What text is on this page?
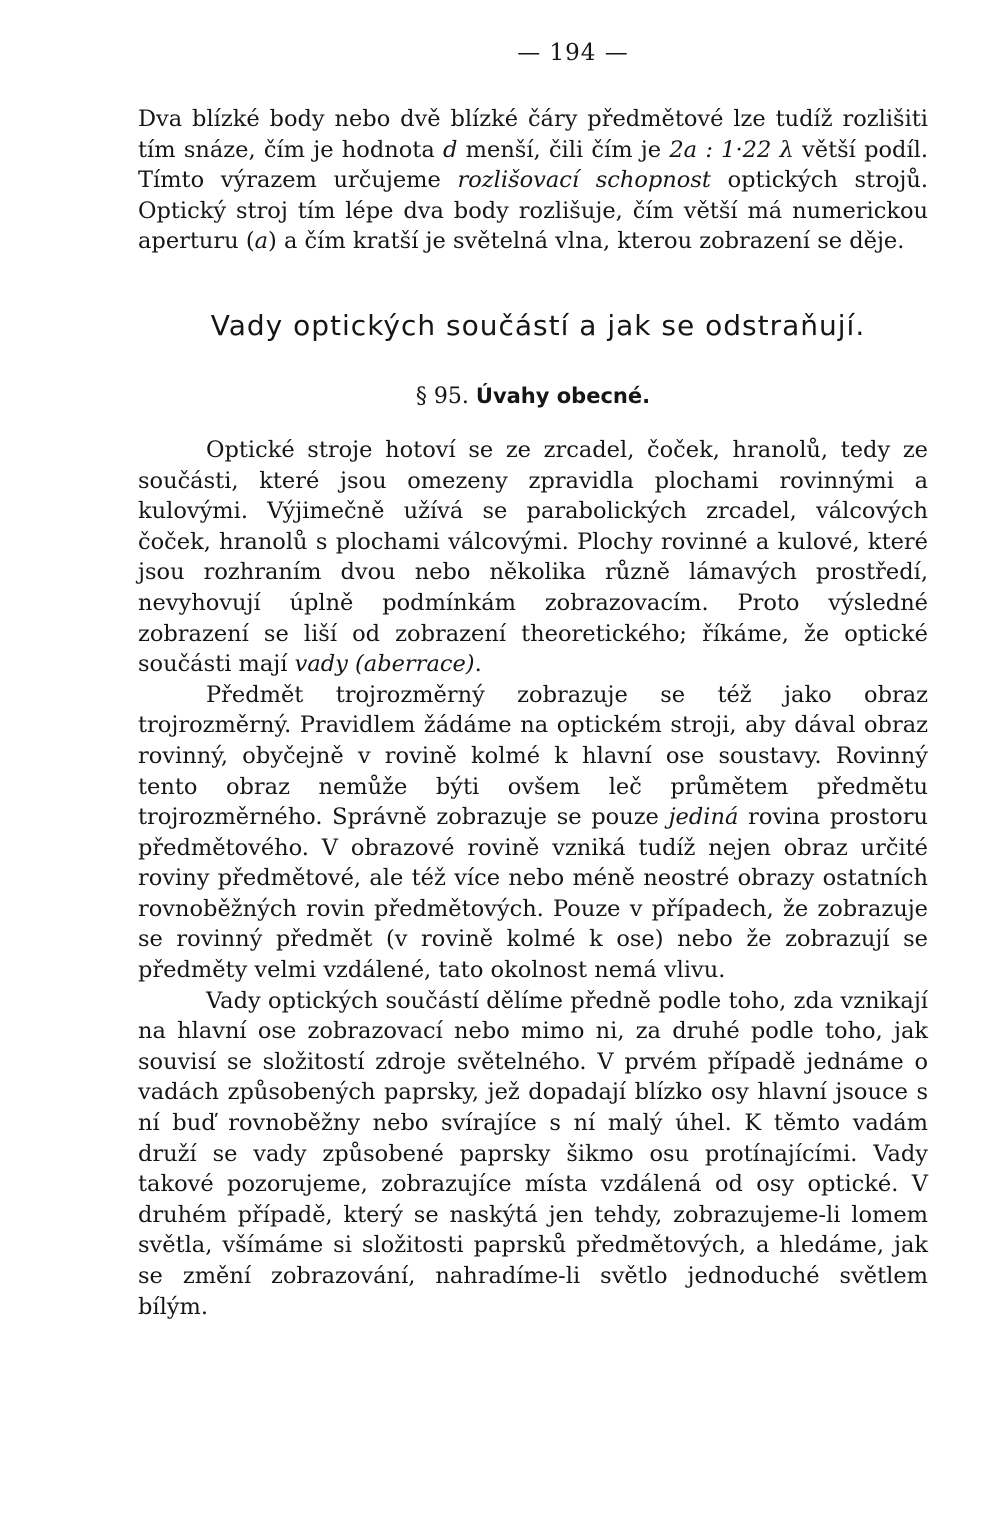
— 194 —

Dva blízké body nebo dvě blízké čáry předmětové lze tudíž rozlišiti tím snáze, čím je hodnota d menší, čili čím je 2a : 1·22 λ větší podíl. Tímto výrazem určujeme rozlišovací schopnost optických strojů. Optický stroj tím lépe dva body rozlišuje, čím větší má numerickou aperturu (a) a čím kratší je světelná vlna, kterou zobrazení se děje.

Vady optických součástí a jak se odstraňují.
§ 95. Úvahy obecné.

Optické stroje hotoví se ze zrcadel, čoček, hranolů, tedy ze součásti, které jsou omezeny zpravidla plochami rovinnými a kulovými. Výjimečně užívá se parabolických zrcadel, válcových čoček, hranolů s plochami válcovými. Plochy rovinné a kulové, které jsou rozhraním dvou nebo několika různě lámavých prostředí, nevyhovují úplně podmínkám zobrazovacím. Proto výsledné zobrazení se liší od zobrazení theoretického; říkáme, že optické součásti mají vady (aberrace).

Předmět trojrozměrný zobrazuje se též jako obraz trojrozměrný. Pravidlem žádáme na optickém stroji, aby dával obraz rovinný, obyčejně v rovině kolmé k hlavní ose soustavy. Rovinný tento obraz nemůže býti ovšem leč průmětem předmětu trojrozměrného. Správně zobrazuje se pouze jediná rovina prostoru předmětového. V obrazové rovině vzniká tudíž nejen obraz určité roviny předmětové, ale též více nebo méně neostré obrazy ostatních rovnoběžných rovin předmětových. Pouze v případech, že zobrazuje se rovinný předmět (v rovině kolmé k ose) nebo že zobrazují se předměty velmi vzdálené, tato okolnost nemá vlivu.

Vady optických součástí dělíme předně podle toho, zda vznikají na hlavní ose zobrazovací nebo mimo ni, za druhé podle toho, jak souvisí se složitostí zdroje světelného. V prvém případě jednáme o vadách způsobených paprsky, jež dopadají blízko osy hlavní jsouce s ní buď rovnoběžny nebo svírajíce s ní malý úhel. K těmto vadám druží se vady způsobené paprsky šikmo osu protínajícími. Vady takové pozorujeme, zobrazujíce místa vzdálená od osy optické. V druhém případě, který se naskýtá jen tehdy, zobrazujeme-li lomem světla, všímáme si složitosti paprsků předmětových, a hledáme, jak se změní zobrazování, nahradíme-li světlo jednoduché světlem bílým.
